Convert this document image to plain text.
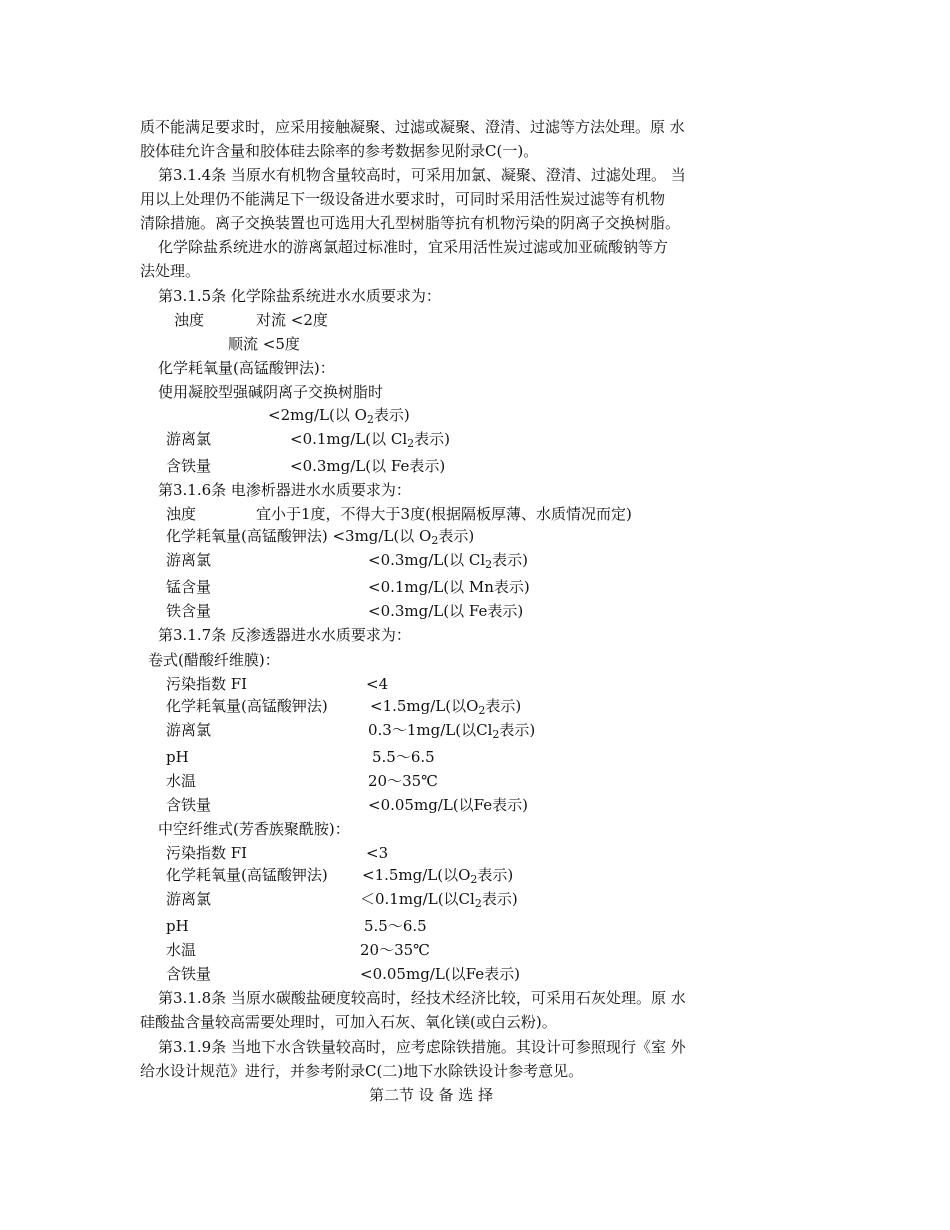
质不能满足要求时，应采用接触凝聚、过滤或凝聚、澄清、过滤等方法处理。原 水
胶体硅允许含量和胶体硅去除率的参考数据参见附录C(一)。
第3.1.4条 当原水有机物含量较高时，可采用加氯、凝聚、澄清、过滤处理。 当
用以上处理仍不能满足下一级设备进水要求时，可同时采用活性炭过滤等有机物
清除措施。离子交换装置也可选用大孔型树脂等抗有机物污染的阴离子交换树脂。
化学除盐系统进水的游离氯超过标准时，宜采用活性炭过滤或加亚硫酸钠等方
法处理。
第3.1.5条 化学除盐系统进水水质要求为：
浊度	对流 <2度
顺流 <5度
化学耗氧量(高锰酸钾法)：
使用凝胶型强碱阴离子交换树脂时
<2mg/L(以 $O_2$表示)
游离氯	<0.1mg/L(以 $Cl_2$表示)
含铁量	<0.3mg/L(以 Fe表示)
第3.1.6条 电渗析器进水水质要求为：
浊度	宜小于1度，不得大于3度(根据隔板厚薄、水质情况而定)
化学耗氧量(高锰酸钾法) <3mg/L(以 $O_2$表示)
游离氯	<0.3mg/L(以 $Cl_2$表示)
锰含量	<0.1mg/L(以 Mn表示)
铁含量	<0.3mg/L(以 Fe表示)
第3.1.7条 反渗透器进水水质要求为：
卷式(醋酸纤维膜)：
污染指数 FI	<4
化学耗氧量(高锰酸钾法)	<1.5mg/L(以$O_2$表示)
游离氯	0.3～1mg/L(以$Cl_2$表示)
pH	5.5～6.5
水温	20～35℃
含铁量	<0.05mg/L(以Fe表示)
中空纤维式(芳香族聚酰胺)：
污染指数 FI	<3
化学耗氧量(高锰酸钾法) <1.5mg/L(以$O_2$表示)
游离氯	＜0.1mg/L(以$Cl_2$表示)
pH	5.5～6.5
水温	20～35℃
含铁量	<0.05mg/L(以Fe表示)
第3.1.8条 当原水碳酸盐硬度较高时，经技术经济比较，可采用石灰处理。原 水
硅酸盐含量较高需要处理时，可加入石灰、氧化镁(或白云粉)。
第3.1.9条 当地下水含铁量较高时，应考虑除铁措施。其设计可参照现行《室 外
给水设计规范》进行，并参考附录C(二)地下水除铁设计参考意见。
第二节 设 备 选 择
